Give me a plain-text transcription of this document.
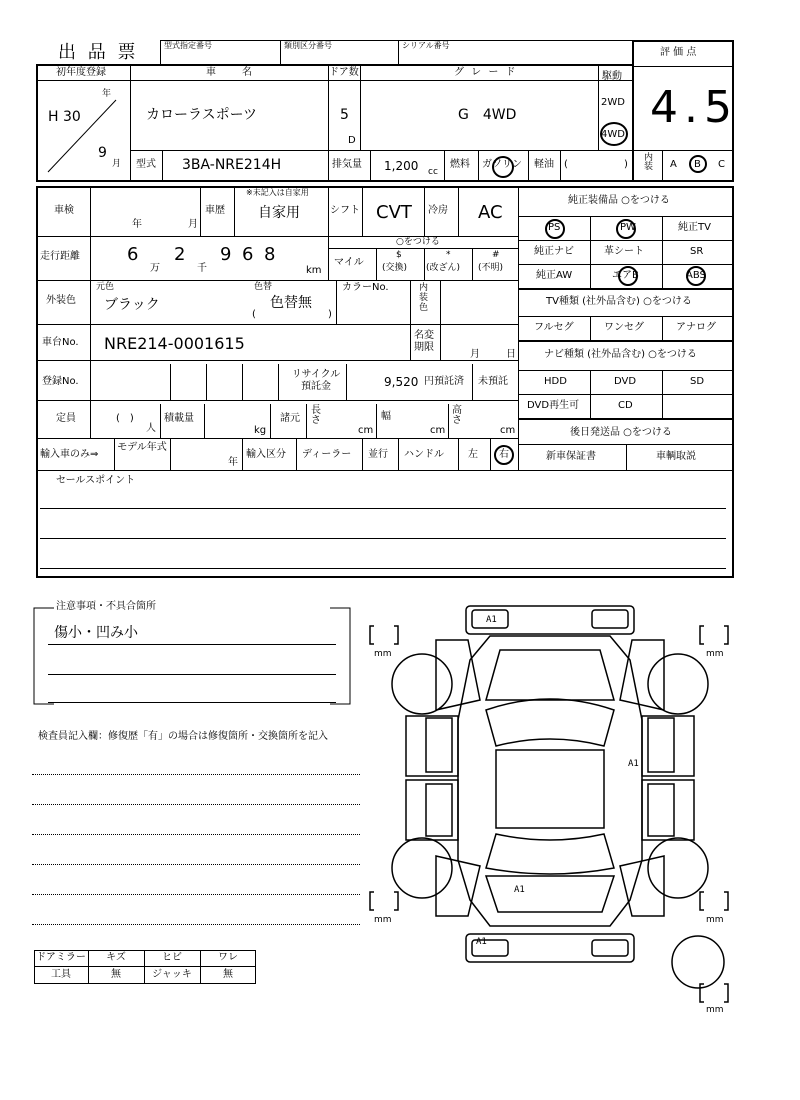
出 品 票	型式指定番号	類別区分番号	シリアル番号
評 価 点
4.5
初年度登録
H 30
年
9
月
車　　名
カローラスポーツ
ドア数
5
D
グ レ ー ド
G　4WD
駆動
2WD
4WD
型式 3BA-NRE214H	排気量 1,200 cc
燃料 ガソリン 軽油 (	)
内装 A B C
車検
年	月
※未記入は自家用
車歴 自家用	シフト CVT 冷房 AC
走行距離	6
万
2
千
9 6 8
km
○をつける
マイル
$
(交換)
*
(改ざん)
#
(不明)
外装色
元色
ブラック
色替
色替無
(	)
カラーNo.	内装色
車台No. NRE214-0001615	名変期限
月	日
登録No.
リサイクル預託金	9,520 円預託済 未預託
定員	(　)
人
積載量
kg
諸元
長さ
cm
幅
cm
高さ
cm
輸入車のみ⇒
モデル年式
年
輸入区分 ディーラー 並行 ハンドル 左 右
純正装備品 ○をつける
PS	PW	純正TV
純正ナビ	革シート	SR
純正AW	エアB	ABS
TV種類 (社外品含む) ○をつける
フルセグ	ワンセグ	アナログ
ナビ種類 (社外品含む) ○をつける
HDD	DVD	SD
DVD再生可	CD
後日発送品 ○をつける
新車保証書	車輌取説
セールスポイント
注意事項・不具合箇所
傷小・凹み小
検査員記入欄：修復歴「有」の場合は修復箇所・交換箇所を記入
ドアミラー	キズ	ヒビ	ワレ
工具	無	ジャッキ	無
mm	mm
mm	mm
mm
A1
A1
A1
A1
